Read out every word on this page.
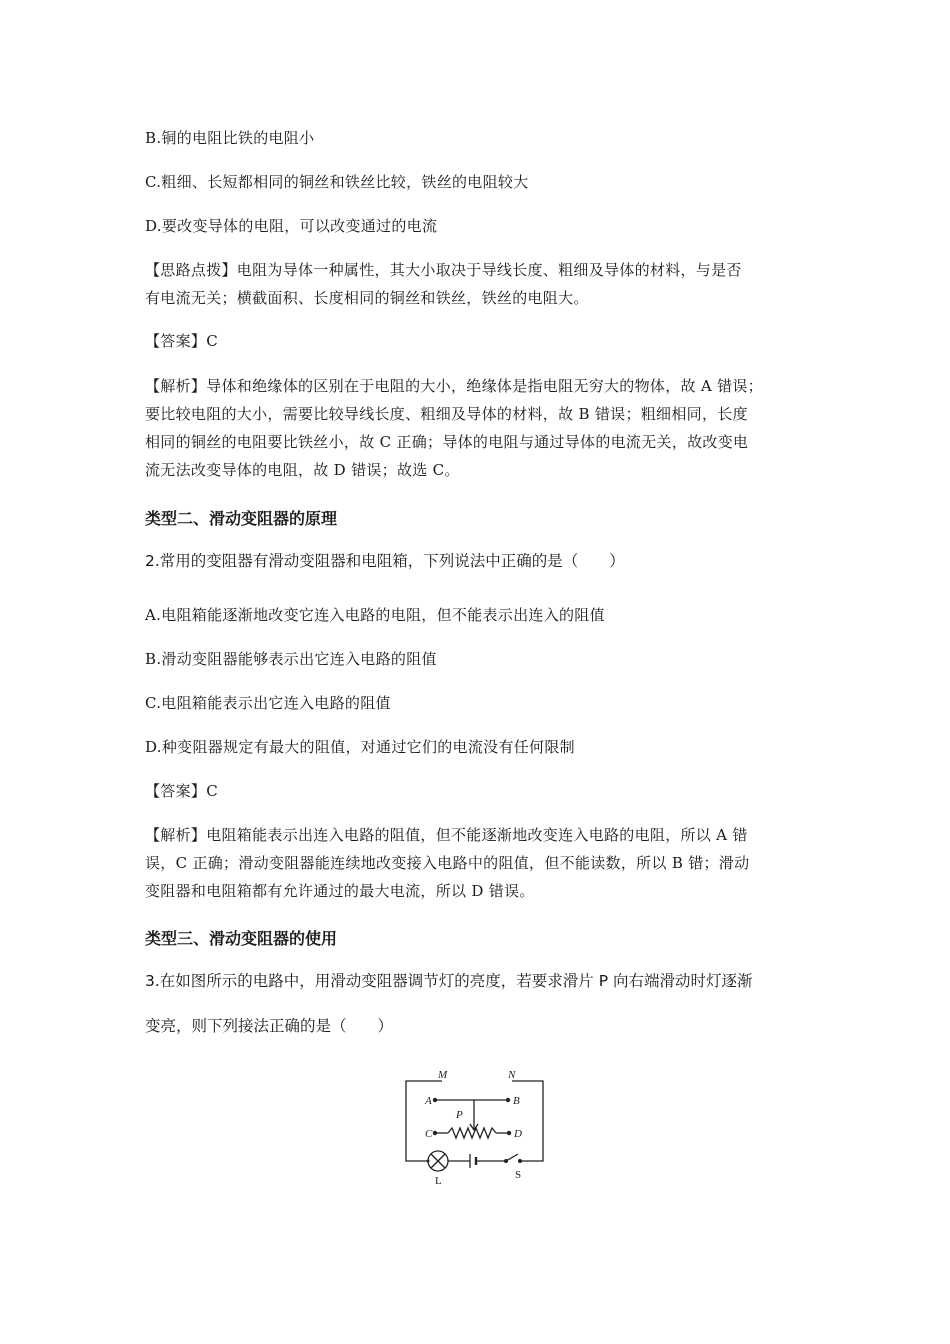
B.铜的电阻比铁的电阻小
C.粗细、长短都相同的铜丝和铁丝比较，铁丝的电阻较大
D.要改变导体的电阻，可以改变通过的电流
【思路点拨】电阻为导体一种属性，其大小取决于导线长度、粗细及导体的材料，与是否
有电流无关；横截面积、长度相同的铜丝和铁丝，铁丝的电阻大。
【答案】C
【解析】导体和绝缘体的区别在于电阻的大小，绝缘体是指电阻无穷大的物体，故 A 错误；
要比较电阻的大小，需要比较导线长度、粗细及导体的材料，故 B 错误；粗细相同，长度
相同的铜丝的电阻要比铁丝小，故 C 正确；导体的电阻与通过导体的电流无关，故改变电
流无法改变导体的电阻，故 D 错误；故选 C。
类型二、滑动变阻器的原理
2.常用的变阻器有滑动变阻器和电阻箱，下列说法中正确的是（　　）
A.电阻箱能逐渐地改变它连入电路的电阻，但不能表示出连入的阻值
B.滑动变阻器能够表示出它连入电路的阻值
C.电阻箱能表示出它连入电路的阻值
D.种变阻器规定有最大的阻值，对通过它们的电流没有任何限制
【答案】C
【解析】电阻箱能表示出连入电路的阻值，但不能逐渐地改变连入电路的电阻，所以 A 错
误，C 正确；滑动变阻器能连续地改变接入电路中的阻值，但不能读数，所以 B 错；滑动
变阻器和电阻箱都有允许通过的最大电流，所以 D 错误。
类型三、滑动变阻器的使用
3.在如图所示的电路中，用滑动变阻器调节灯的亮度，若要求滑片 P 向右端滑动时灯逐渐
变亮，则下列接法正确的是（　　）
M	N
A	B
P
C	D
L	S
